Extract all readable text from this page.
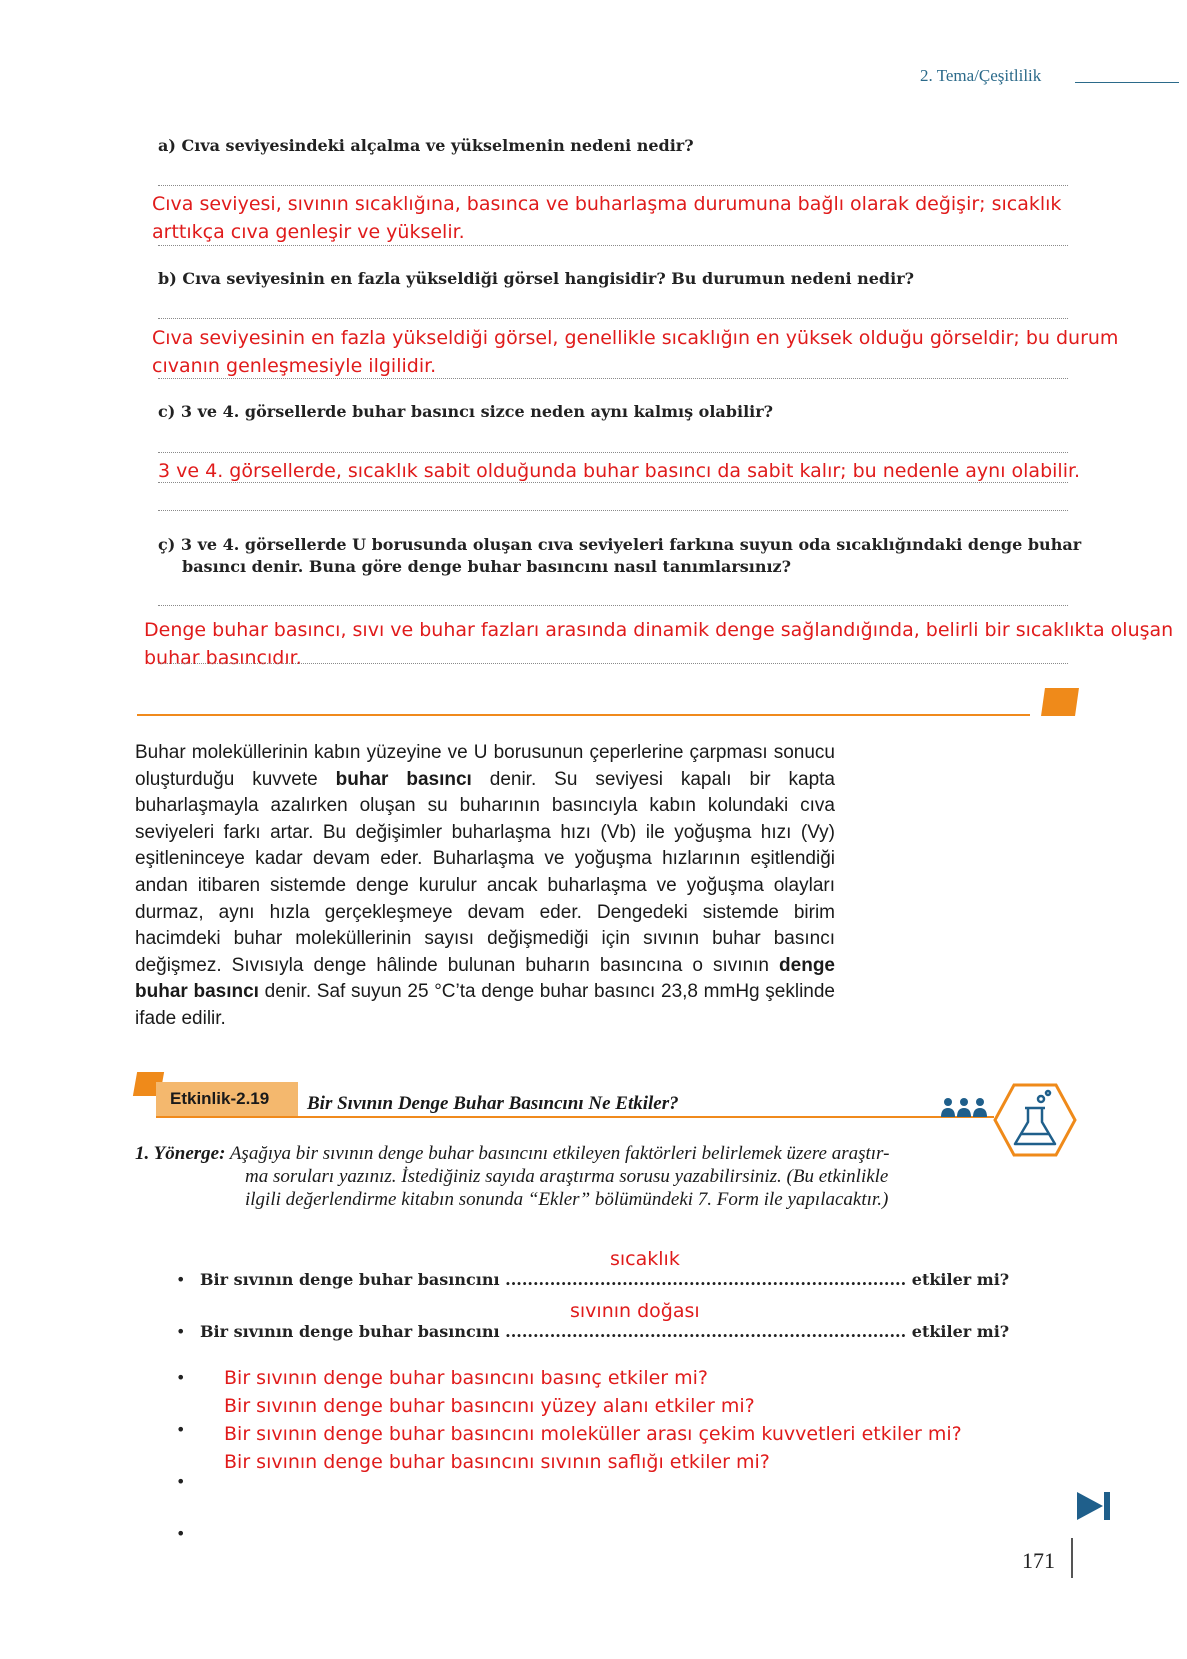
2. Tema/Çeşitlilik
a) Cıva seviyesindeki alçalma ve yükselmenin nedeni nedir?
Cıva seviyesi, sıvının sıcaklığına, basınca ve buharlaşma durumuna bağlı olarak değişir; sıcaklık arttıkça cıva genleşir ve yükselir.
b) Cıva seviyesinin en fazla yükseldiği görsel hangisidir? Bu durumun nedeni nedir?
Cıva seviyesinin en fazla yükseldiği görsel, genellikle sıcaklığın en yüksek olduğu görseldir; bu durum cıvanın genleşmesiyle ilgilidir.
c) 3 ve 4. görsellerde buhar basıncı sizce neden aynı kalmış olabilir?
3 ve 4. görsellerde, sıcaklık sabit olduğunda buhar basıncı da sabit kalır; bu nedenle aynı olabilir.
ç) 3 ve 4. görsellerde U borusunda oluşan cıva seviyeleri farkına suyun oda sıcaklığındaki denge buhar
basıncı denir. Buna göre denge buhar basıncını nasıl tanımlarsınız?
Denge buhar basıncı, sıvı ve buhar fazları arasında dinamik denge sağlandığında, belirli bir sıcaklıkta oluşan buhar basıncıdır.
Buhar moleküllerinin kabın yüzeyine ve U borusunun çeperlerine çarpması sonucu oluşturduğu kuvvete buhar basıncı denir. Su seviyesi kapalı bir kapta buharlaşmayla azalırken oluşan su buharının basıncıyla kabın kolundaki cıva seviyeleri farkı artar. Bu değişimler buharlaşma hızı (Vb) ile yoğuşma hızı (Vy) eşitleninceye kadar devam eder. Buharlaşma ve yoğuşma hızlarının eşitlendiği andan itibaren sistemde denge kurulur ancak buharlaşma ve yoğuşma olayları durmaz, aynı hızla gerçekleşmeye devam eder. Dengedeki sistemde birim hacimdeki buhar moleküllerinin sayısı değişmediği için sıvının buhar basıncı değişmez. Sıvısıyla denge hâlinde bulunan buharın basıncına o sıvının denge buhar basıncı denir. Saf suyun 25 °C’ta denge buhar basıncı 23,8 mmHg şeklinde ifade edilir.
Etkinlik-2.19 Bir Sıvının Denge Buhar Basıncını Ne Etkiler?
1. Yönerge: Aşağıya bir sıvının denge buhar basıncını etkileyen faktörleri belirlemek üzere araştır-
ma soruları yazınız. İstediğiniz sayıda araştırma sorusu yazabilirsiniz. (Bu etkinlikle
ilgili değerlendirme kitabın sonunda “Ekler” bölümündeki 7. Form ile yapılacaktır.)
sıcaklık
• Bir sıvının denge buhar basıncını ........................................................................ etkiler mi?
sıvının doğası
• Bir sıvının denge buhar basıncını ........................................................................ etkiler mi?
•
•
•
•
Bir sıvının denge buhar basıncını basınç etkiler mi?
Bir sıvının denge buhar basıncını yüzey alanı etkiler mi?
Bir sıvının denge buhar basıncını moleküller arası çekim kuvvetleri etkiler mi?
Bir sıvının denge buhar basıncını sıvının saflığı etkiler mi?
171
